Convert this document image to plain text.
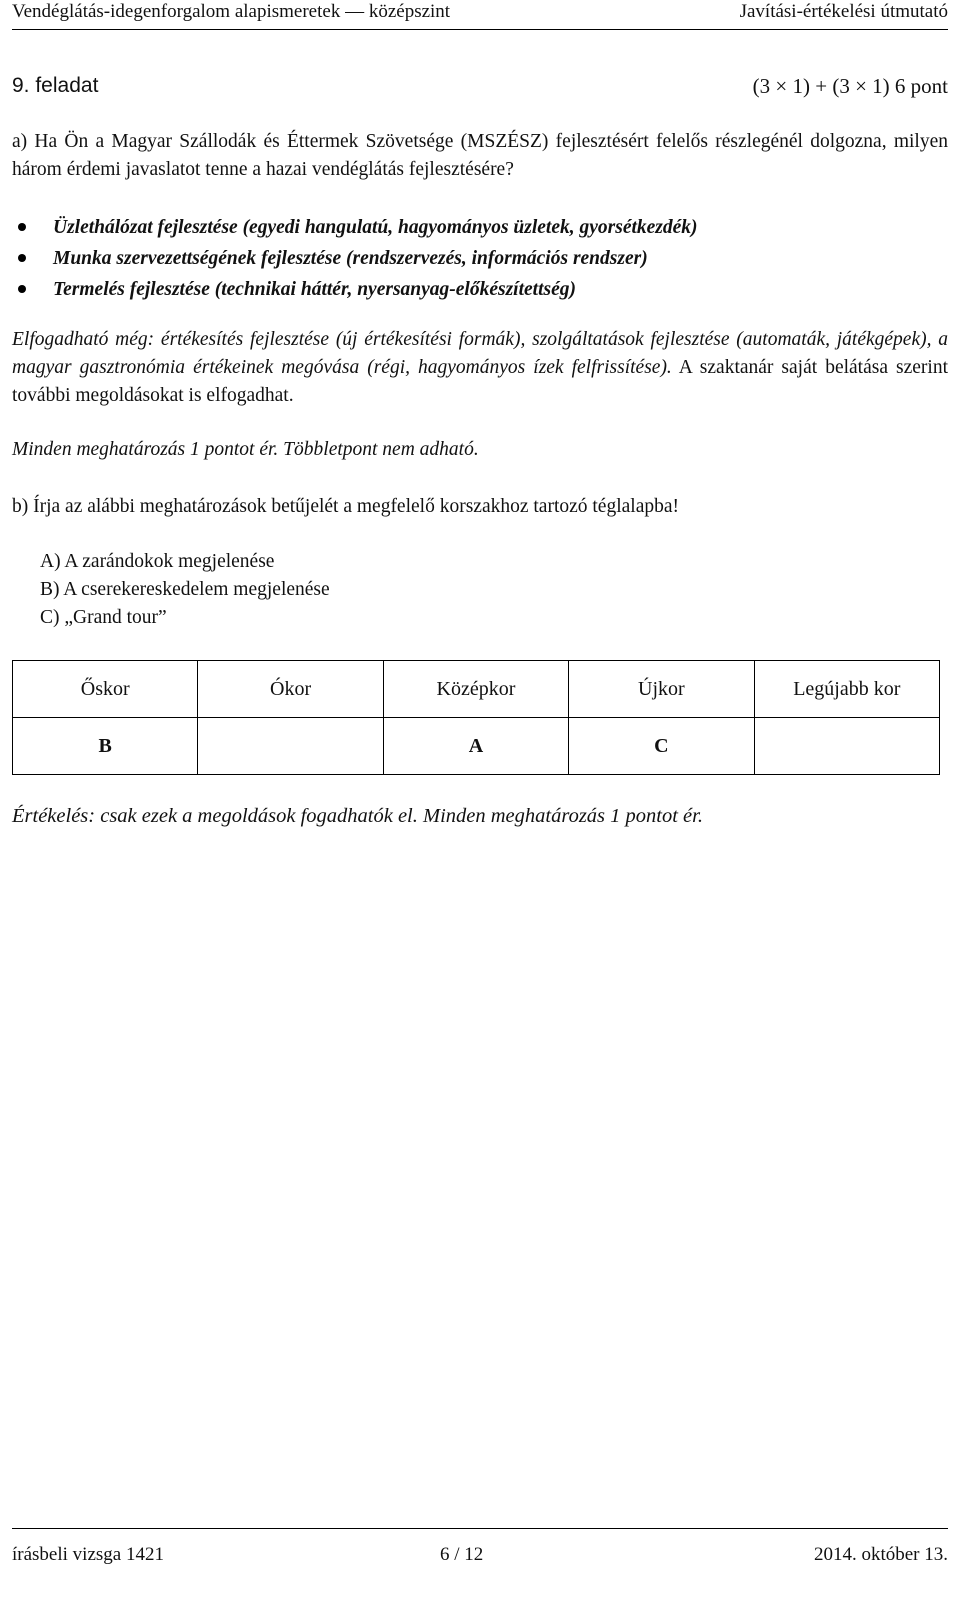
Vendéglátás-idegenforgalom alapismeretek — középszint	Javítási-értékelési útmutató
9. feladat	(3 × 1) + (3 × 1) 6 pont
a) Ha Ön a Magyar Szállodák és Éttermek Szövetsége (MSZÉSZ) fejlesztésért felelős részlegénél dolgozna, milyen három érdemi javaslatot tenne a hazai vendéglátás fejlesztésére?
Üzlethálózat fejlesztése (egyedi hangulatú, hagyományos üzletek, gyorsétkezdék)
Munka szervezettségének fejlesztése (rendszervezés, információs rendszer)
Termelés fejlesztése (technikai háttér, nyersanyag-előkészítettség)
Elfogadható még: értékesítés fejlesztése (új értékesítési formák), szolgáltatások fejlesztése (automaták, játékgépek), a magyar gasztronómia értékeinek megóvása (régi, hagyományos ízek felfrissítése). A szaktanár saját belátása szerint további megoldásokat is elfogadhat.
Minden meghatározás 1 pontot ér. Többletpont nem adható.
b) Írja az alábbi meghatározások betűjelét a megfelelő korszakhoz tartozó téglalapba!
A) A zarándokok megjelenése
B) A cserekereskedelem megjelenése
C) „Grand tour”
Őskor	Ókor	Középkor	Újkor	Legújabb kor
B		A	C	
Értékelés: csak ezek a megoldások fogadhatók el. Minden meghatározás 1 pontot ér.
írásbeli vizsga 1421	6 / 12	2014. október 13.
